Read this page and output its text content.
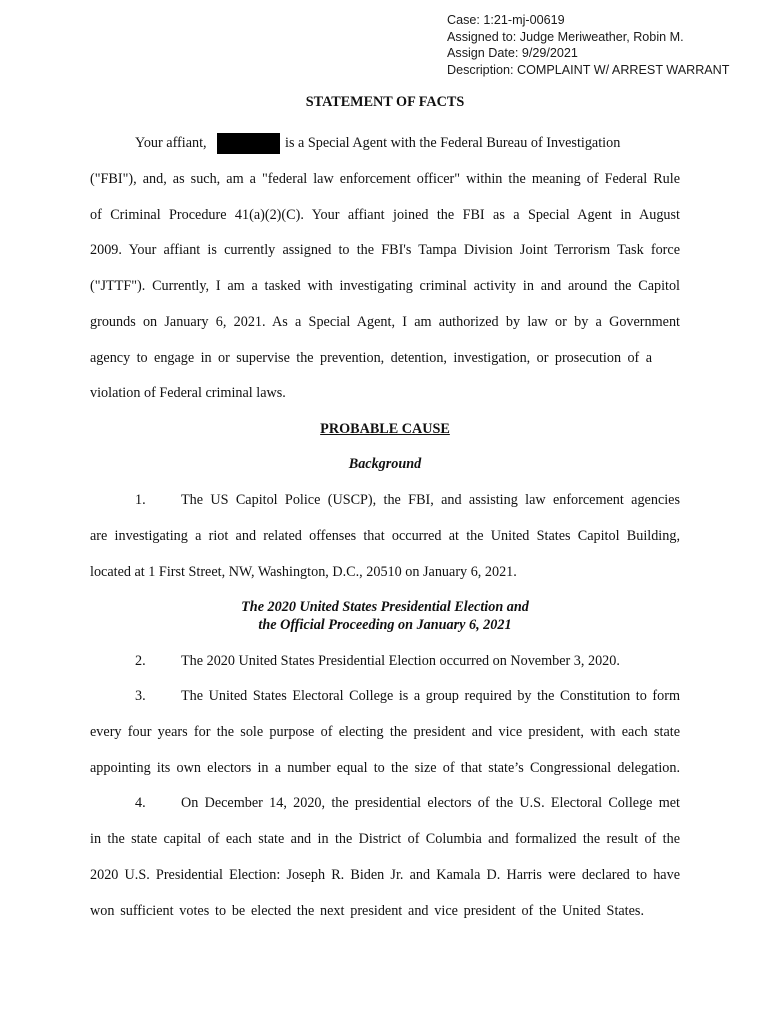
Case: 1:21-mj-00619
Assigned to: Judge Meriweather, Robin M.
Assign Date: 9/29/2021
Description: COMPLAINT W/ ARREST WARRANT
STATEMENT OF FACTS
Your affiant,	is a Special Agent with the Federal Bureau of Investigation
("FBI"), and, as such, am a "federal law enforcement officer" within the meaning of Federal Rule
of Criminal Procedure 41(a)(2)(C). Your affiant joined the FBI as a Special Agent in August
2009. Your affiant is currently assigned to the FBI's Tampa Division Joint Terrorism Task force
("JTTF"). Currently, I am a tasked with investigating criminal activity in and around the Capitol
grounds on January 6, 2021. As a Special Agent, I am authorized by law or by a Government
agency to engage in or supervise the prevention, detention, investigation, or prosecution of a
violation of Federal criminal laws.
PROBABLE CAUSE
Background
1. The US Capitol Police (USCP), the FBI, and assisting law enforcement agencies
are investigating a riot and related offenses that occurred at the United States Capitol Building,
located at 1 First Street, NW, Washington, D.C., 20510 on January 6, 2021.
The 2020 United States Presidential Election and
the Official Proceeding on January 6, 2021
2. The 2020 United States Presidential Election occurred on November 3, 2020.
3. The United States Electoral College is a group required by the Constitution to form
every four years for the sole purpose of electing the president and vice president, with each state
appointing its own electors in a number equal to the size of that state’s Congressional delegation.
4. On December 14, 2020, the presidential electors of the U.S. Electoral College met
in the state capital of each state and in the District of Columbia and formalized the result of the
2020 U.S. Presidential Election: Joseph R. Biden Jr. and Kamala D. Harris were declared to have
won sufficient votes to be elected the next president and vice president of the United States.
